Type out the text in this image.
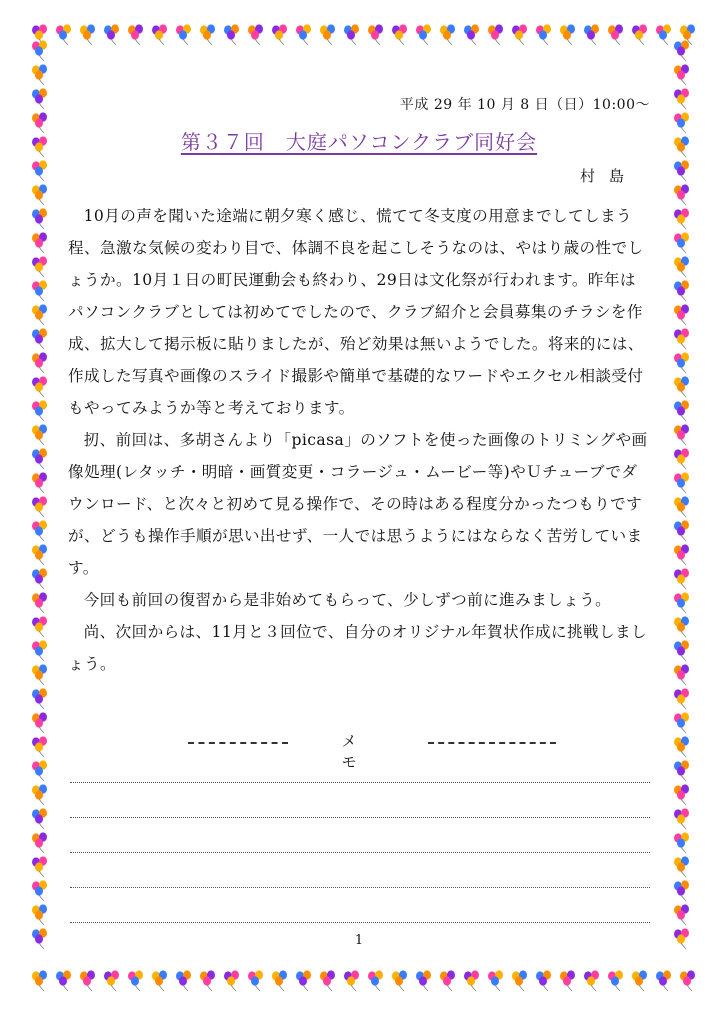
平成 29 年 10 月 8 日（日）10:00～
第３７回　大庭パソコンクラブ同好会
村島

10月の声を聞いた途端に朝夕寒く感じ、慌てて冬支度の用意までしてしまう程、急激な気候の変わり目で、体調不良を起こしそうなのは、やはり歳の性でしょうか。10月１日の町民運動会も終わり、29日は文化祭が行われます。昨年はパソコンクラブとしては初めてでしたので、クラブ紹介と会員募集のチラシを作成、拡大して掲示板に貼りましたが、殆ど効果は無いようでした。将来的には、作成した写真や画像のスライド撮影や簡単で基礎的なワードやエクセル相談受付もやってみようか等と考えております。

扨、前回は、多胡さんより「picasa」のソフトを使った画像のトリミングや画像処理(レタッチ・明暗・画質変更・コラージュ・ムービー等)やＵチューブでダウンロード、と次々と初めて見る操作で、その時はある程度分かったつもりですが、どうも操作手順が思い出せず、一人では思うようにはならなく苦労しています。

今回も前回の復習から是非始めてもらって、少しずつ前に進みましょう。

尚、次回からは、11月と３回位で、自分のオリジナル年賀状作成に挑戦しましょう。

メモ
1
